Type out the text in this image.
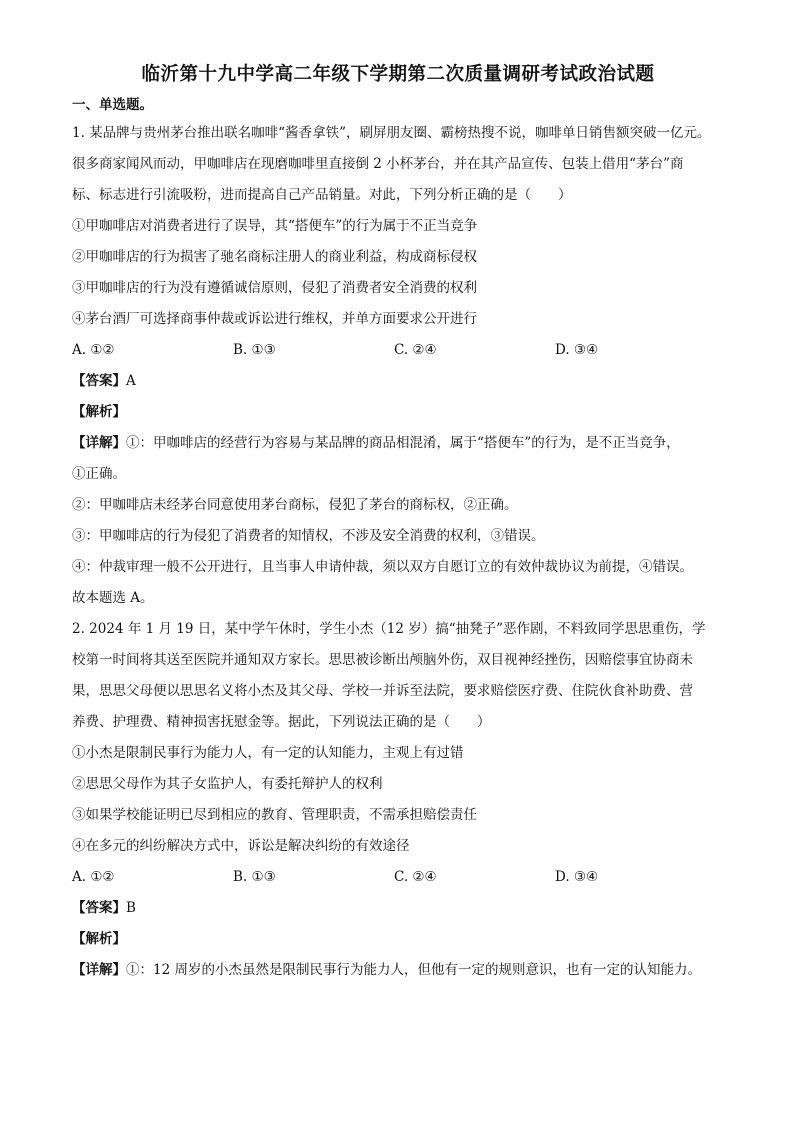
临沂第十九中学高二年级下学期第二次质量调研考试政治试题

一、单选题。

1. 某品牌与贵州茅台推出联名咖啡“酱香拿铁”，刷屏朋友圈、霸榜热搜不说，咖啡单日销售额突破一亿元。

很多商家闻风而动，甲咖啡店在现磨咖啡里直接倒 2 小杯茅台，并在其产品宣传、包装上借用“茅台”商

标、标志进行引流吸粉，进而提高自己产品销量。对此，下列分析正确的是（　　）

①甲咖啡店对消费者进行了误导，其“搭便车”的行为属于不正当竞争

②甲咖啡店的行为损害了驰名商标注册人的商业利益，构成商标侵权

③甲咖啡店的行为没有遵循诚信原则，侵犯了消费者安全消费的权利

④茅台酒厂可选择商事仲裁或诉讼进行维权，并单方面要求公开进行

A. ①②	B. ①③	C. ②④	D. ③④

【答案】A

【解析】

【详解】①：甲咖啡店的经营行为容易与某品牌的商品相混淆，属于“搭便车”的行为，是不正当竞争，

①正确。

②：甲咖啡店未经茅台同意使用茅台商标，侵犯了茅台的商标权，②正确。

③：甲咖啡店的行为侵犯了消费者的知情权，不涉及安全消费的权利，③错误。

④：仲裁审理一般不公开进行，且当事人申请仲裁，须以双方自愿订立的有效仲裁协议为前提，④错误。

故本题选 A。

2. 2024 年 1 月 19 日，某中学午休时，学生小杰（12 岁）搞“抽凳子”恶作剧，不料致同学思思重伤，学

校第一时间将其送至医院并通知双方家长。思思被诊断出颅脑外伤，双目视神经挫伤，因赔偿事宜协商未

果，思思父母便以思思名义将小杰及其父母、学校一并诉至法院，要求赔偿医疗费、住院伙食补助费、营

养费、护理费、精神损害抚慰金等。据此，下列说法正确的是（　　）

①小杰是限制民事行为能力人，有一定的认知能力，主观上有过错

②思思父母作为其子女监护人，有委托辩护人的权利

③如果学校能证明已尽到相应的教育、管理职责，不需承担赔偿责任

④在多元的纠纷解决方式中，诉讼是解决纠纷的有效途径

A. ①②	B. ①③	C. ②④	D. ③④

【答案】B

【解析】

【详解】①：12 周岁的小杰虽然是限制民事行为能力人，但他有一定的规则意识，也有一定的认知能力。
